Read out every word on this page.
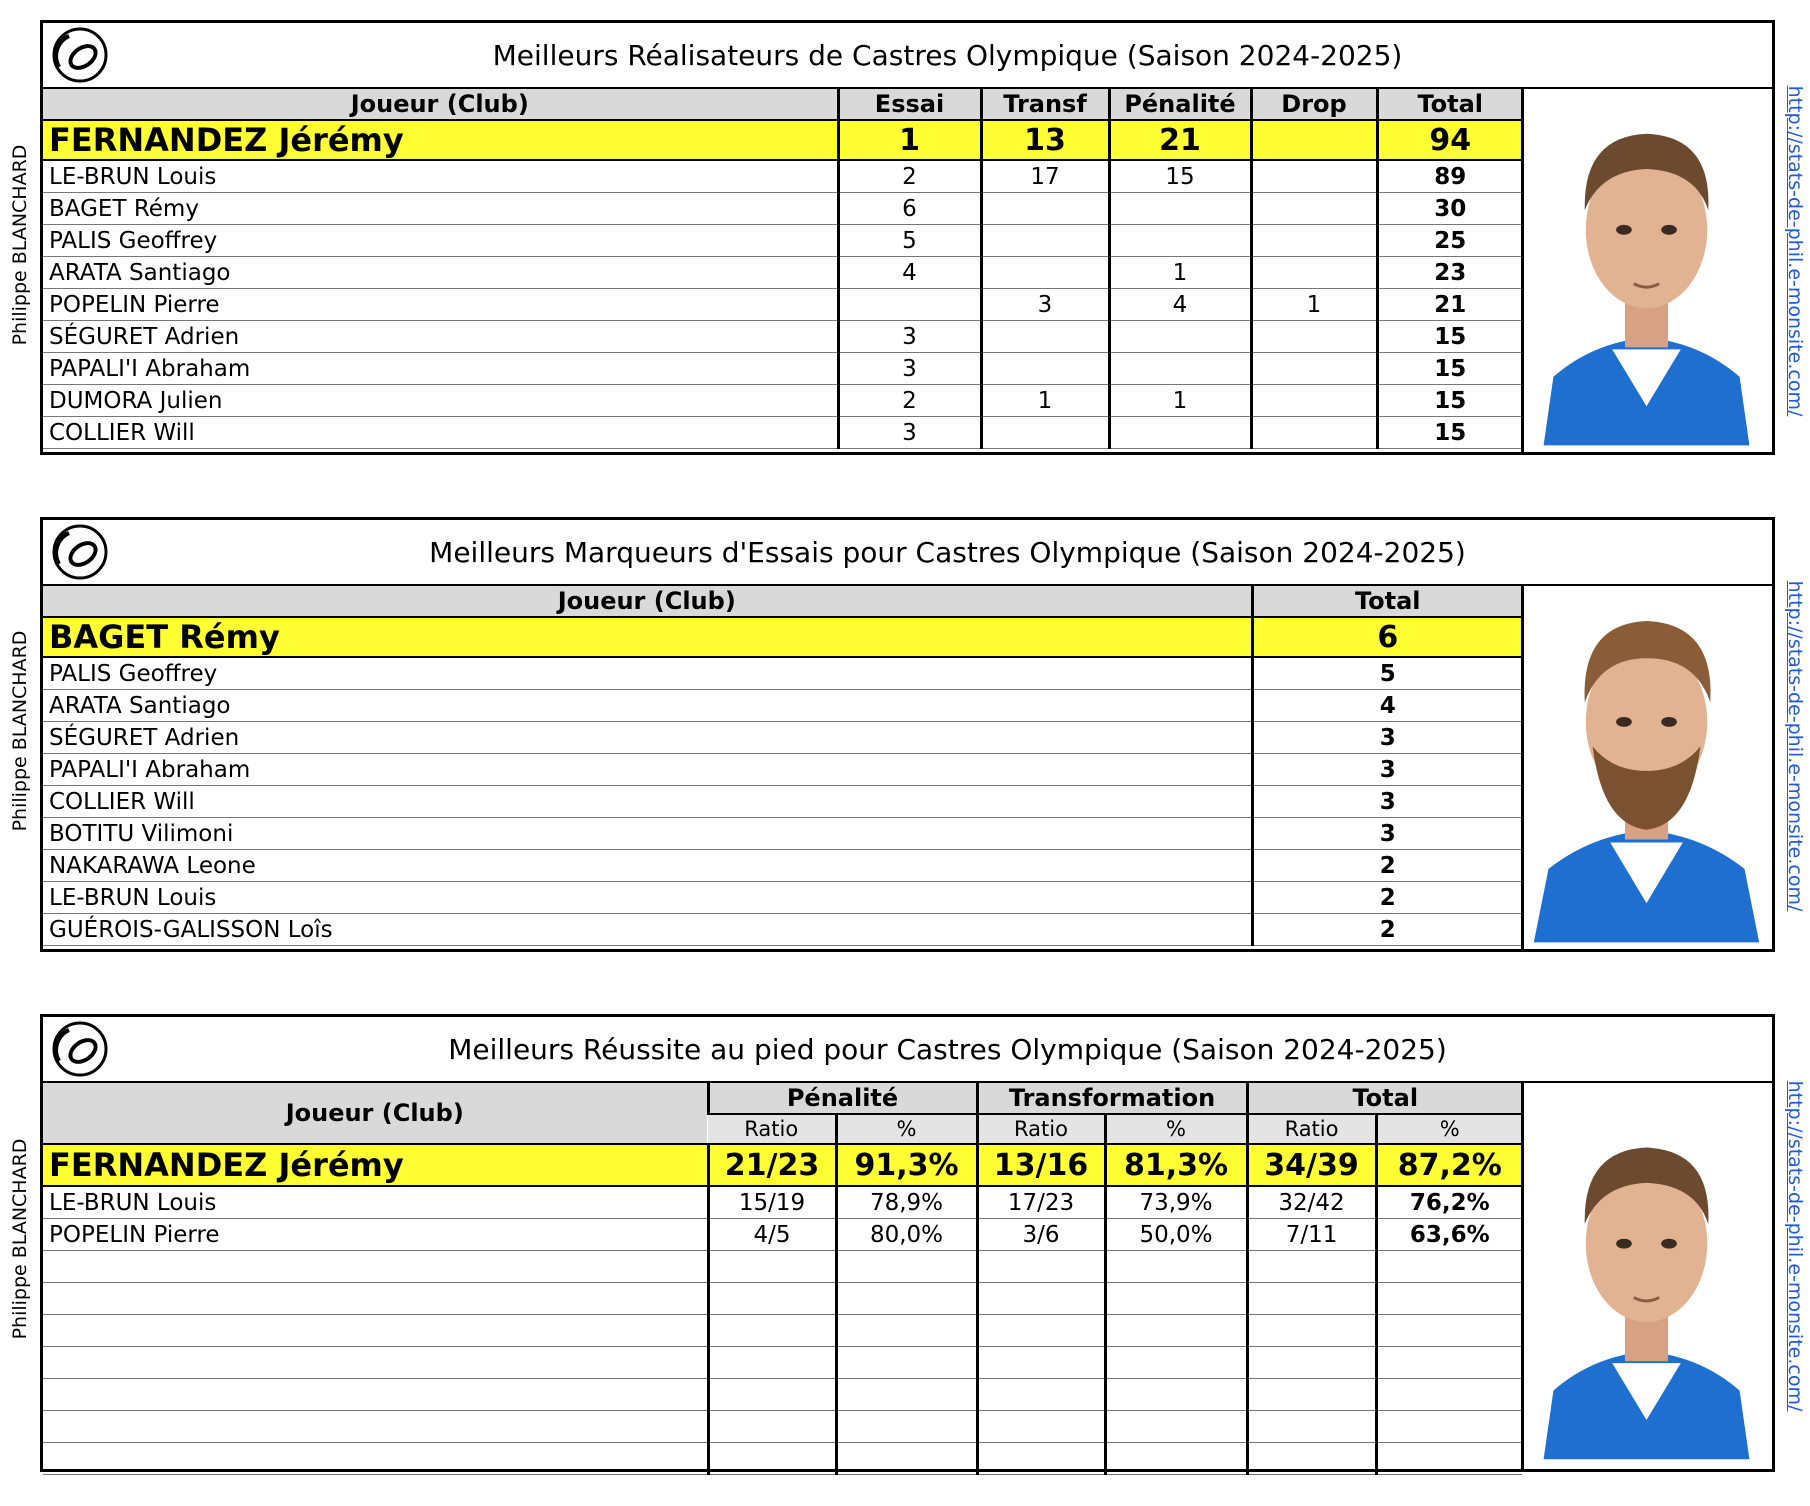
Philippe BLANCHARD
Philippe BLANCHARD
Philippe BLANCHARD
http://stats-de-phil.e-monsite.com/
http://stats-de-phil.e-monsite.com/
http://stats-de-phil.e-monsite.com/
Meilleurs Réalisateurs de Castres Olympique (Saison 2024-2025)
Joueur (Club)	Essai	Transf	Pénalité	Drop	Total
FERNANDEZ Jérémy	1	13	21		94
LE-BRUN Louis	2	17	15		89
BAGET Rémy	6				30
PALIS Geoffrey	5				25
ARATA Santiago	4		1		23
POPELIN Pierre		3	4	1	21
SÉGURET Adrien	3				15
PAPALI'I Abraham	3				15
DUMORA Julien	2	1	1		15
COLLIER Will	3				15
Meilleurs Marqueurs d'Essais pour Castres Olympique (Saison 2024-2025)
Joueur (Club)	Total
BAGET Rémy	6
PALIS Geoffrey	5
ARATA Santiago	4
SÉGURET Adrien	3
PAPALI'I Abraham	3
COLLIER Will	3
BOTITU Vilimoni	3
NAKARAWA Leone	2
LE-BRUN Louis	2
GUÉROIS-GALISSON Loîs	2
Meilleurs Réussite au pied pour Castres Olympique (Saison 2024-2025)
Joueur (Club)	Pénalité		Transformation		Total	
	Ratio	%	Ratio	%	Ratio	%
FERNANDEZ Jérémy	21/23	91,3%	13/16	81,3%	34/39	87,2%
LE-BRUN Louis	15/19	78,9%	17/23	73,9%	32/42	76,2%
POPELIN Pierre	4/5	80,0%	3/6	50,0%	7/11	63,6%
